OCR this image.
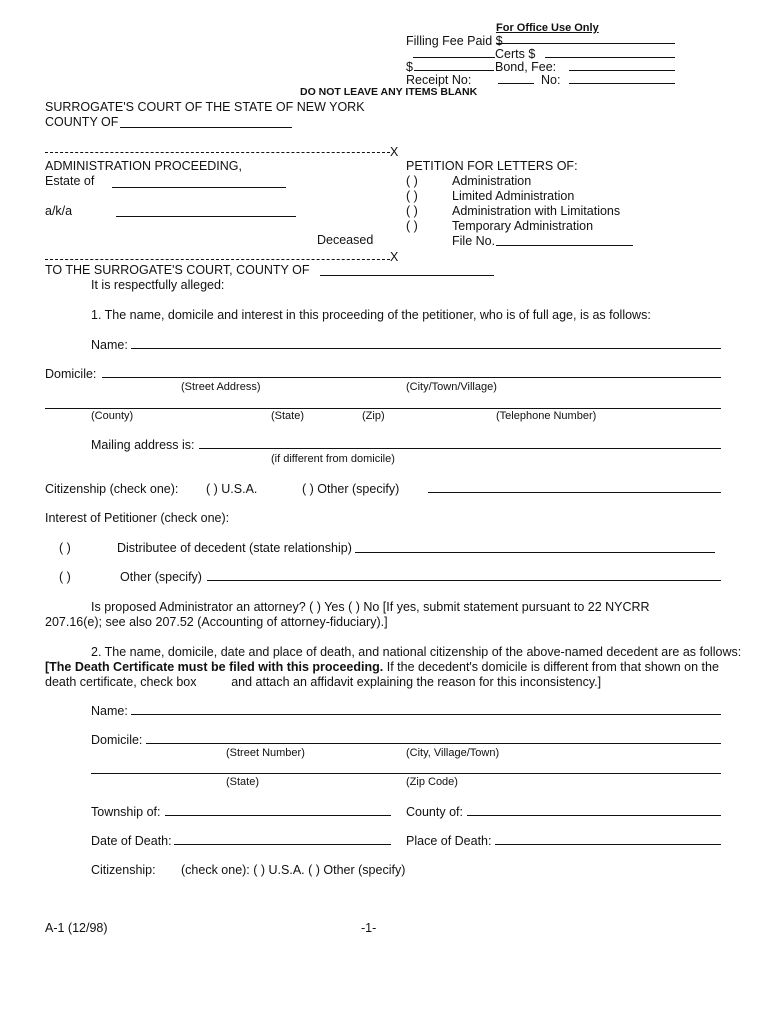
For Office Use Only
Filling Fee Paid $
Certs $
$	Bond, Fee:
Receipt No:	No:
DO NOT LEAVE ANY ITEMS BLANK
SURROGATE'S COURT OF THE STATE OF NEW YORK
COUNTY OF
X
ADMINISTRATION PROCEEDING,
Estate of
a/k/a
Deceased
X
PETITION FOR LETTERS OF:
( )	Administration
( )	Limited Administration
( )	Administration with Limitations
( )	Temporary Administration
File No.
TO THE SURROGATE'S COURT, COUNTY OF
It is respectfully alleged:
1. The name, domicile and interest in this proceeding of the petitioner, who is of full age, is as follows:
Name:
Domicile:
(Street Address)	(City/Town/Village)
(County)	(State)	(Zip)	(Telephone Number)
Mailing address is:
(if different from domicile)
Citizenship (check one): ( ) U.S.A.	( ) Other (specify)
Interest of Petitioner (check one):
( )	Distributee of decedent (state relationship)
( )	Other (specify)
Is proposed Administrator an attorney? ( ) Yes ( ) No [If yes, submit statement pursuant to 22 NYCRR
207.16(e); see also 207.52 (Accounting of attorney-fiduciary).]
2. The name, domicile, date and place of death, and national citizenship of the above-named decedent are as follows:
[The Death Certificate must be filed with this proceeding. If the decedent's domicile is different from that shown on the
death certificate, check box          and attach an affidavit explaining the reason for this inconsistency.]
Name:
Domicile:
(Street Number)	(City, Village/Town)
(State)	(Zip Code)
Township of:	County of:
Date of Death:	Place of Death:
Citizenship: (check one): ( ) U.S.A. ( ) Other (specify)
A-1 (12/98)	-1-
